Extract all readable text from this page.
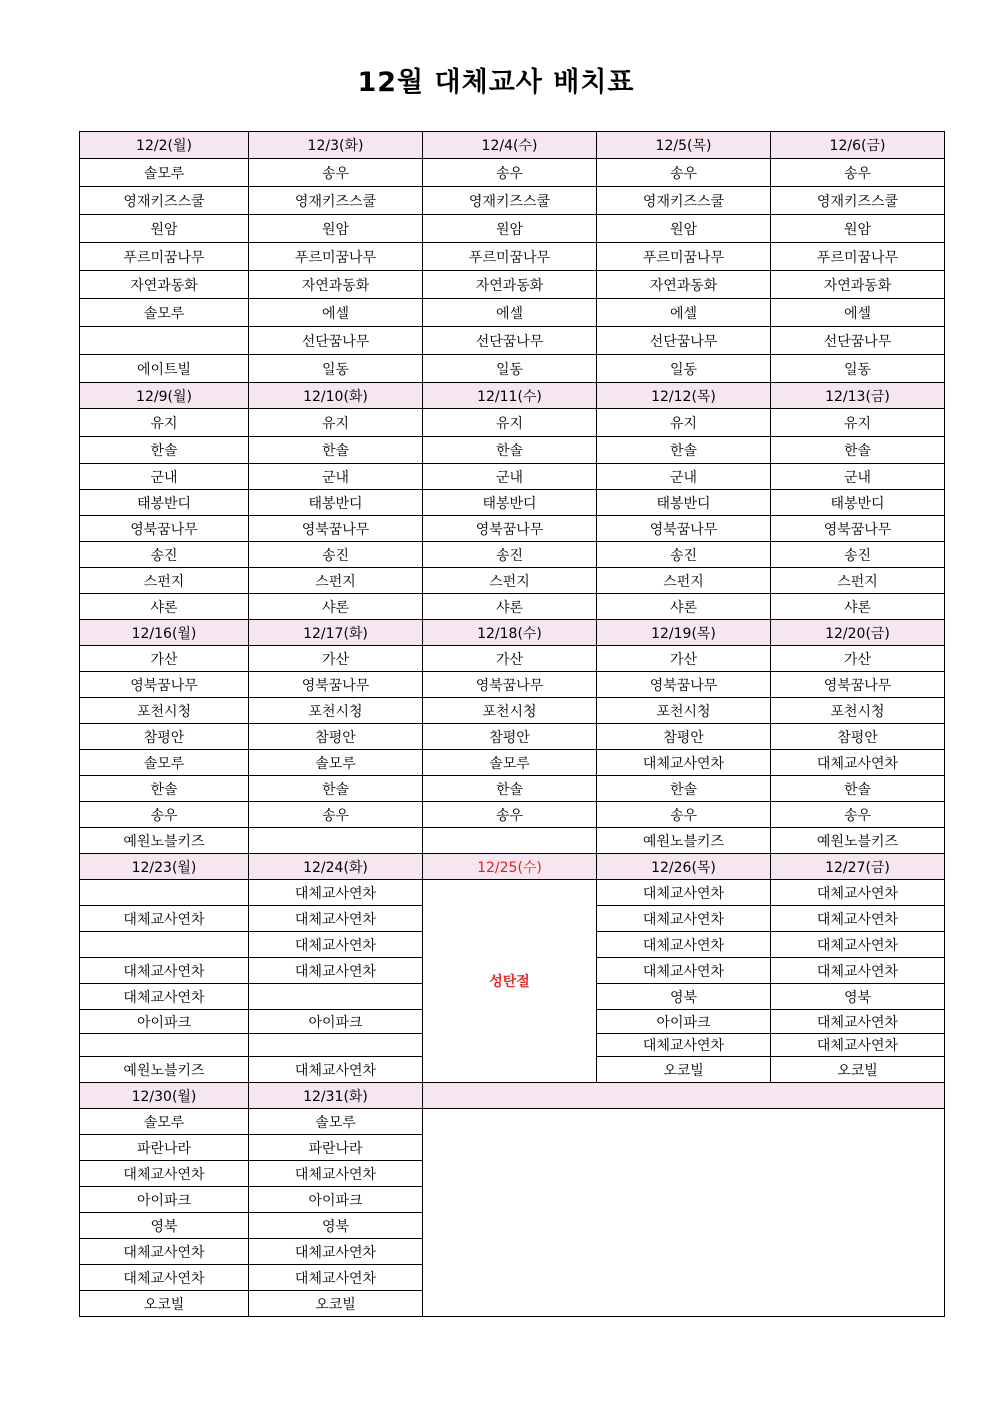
12월 대체교사 배치표
12/2(월)	12/3(화)	12/4(수)	12/5(목)	12/6(금)
솔모루	송우	송우	송우	송우
영재키즈스쿨	영재키즈스쿨	영재키즈스쿨	영재키즈스쿨	영재키즈스쿨
원암	원암	원암	원암	원암
푸르미꿈나무	푸르미꿈나무	푸르미꿈나무	푸르미꿈나무	푸르미꿈나무
자연과동화	자연과동화	자연과동화	자연과동화	자연과동화
솔모루	에셀	에셀	에셀	에셀
	선단꿈나무	선단꿈나무	선단꿈나무	선단꿈나무
에이트빌	일동	일동	일동	일동
12/9(월)	12/10(화)	12/11(수)	12/12(목)	12/13(금)
유지	유지	유지	유지	유지
한솔	한솔	한솔	한솔	한솔
군내	군내	군내	군내	군내
태봉반디	태봉반디	태봉반디	태봉반디	태봉반디
영북꿈나무	영북꿈나무	영북꿈나무	영북꿈나무	영북꿈나무
송진	송진	송진	송진	송진
스펀지	스펀지	스펀지	스펀지	스펀지
샤론	샤론	샤론	샤론	샤론
12/16(월)	12/17(화)	12/18(수)	12/19(목)	12/20(금)
가산	가산	가산	가산	가산
영북꿈나무	영북꿈나무	영북꿈나무	영북꿈나무	영북꿈나무
포천시청	포천시청	포천시청	포천시청	포천시청
참평안	참평안	참평안	참평안	참평안
솔모루	솔모루	솔모루	대체교사연차	대체교사연차
한솔	한솔	한솔	한솔	한솔
송우	송우	송우	송우	송우
예원노블키즈			예원노블키즈	예원노블키즈
12/23(월)	12/24(화)	12/25(수)	12/26(목)	12/27(금)
	대체교사연차	성탄절	대체교사연차	대체교사연차
대체교사연차	대체교사연차		대체교사연차	대체교사연차
	대체교사연차		대체교사연차	대체교사연차
대체교사연차	대체교사연차		대체교사연차	대체교사연차
대체교사연차			영북	영북
아이파크	아이파크		아이파크	대체교사연차
			대체교사연차	대체교사연차
예원노블키즈	대체교사연차		오코빌	오코빌
12/30(월)	12/31(화)			
솔모루	솔모루			
파란나라	파란나라			
대체교사연차	대체교사연차			
아이파크	아이파크			
영북	영북			
대체교사연차	대체교사연차			
대체교사연차	대체교사연차			
오코빌	오코빌			
